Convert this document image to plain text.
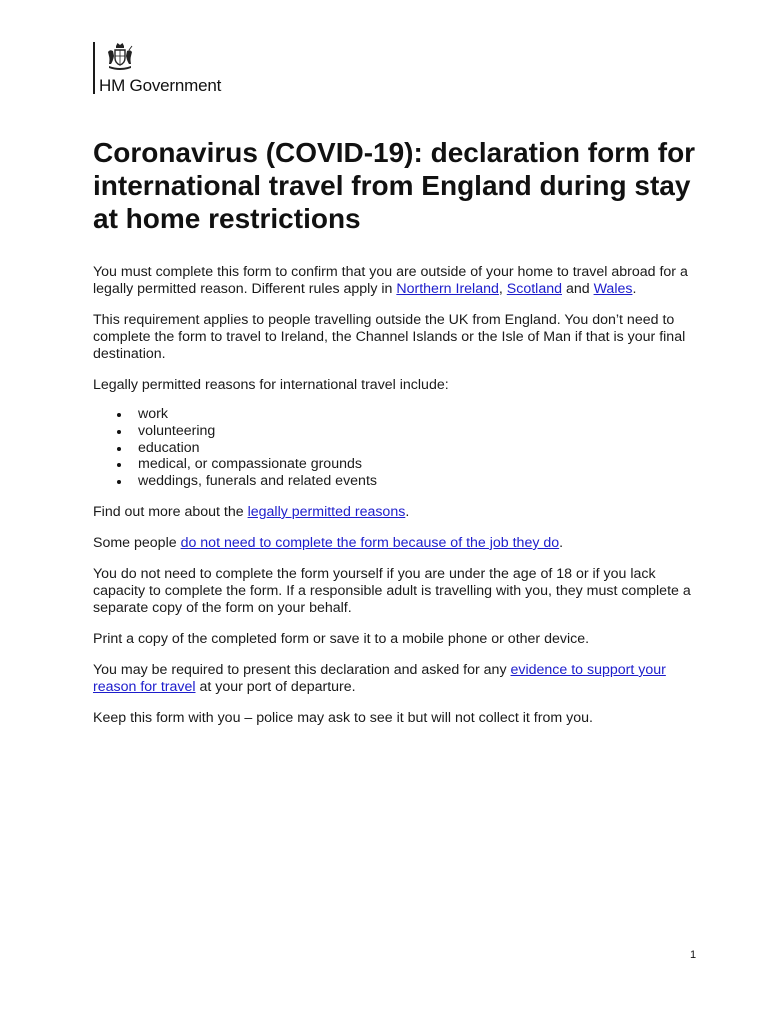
HM Government
Coronavirus (COVID-19): declaration form for international travel from England during stay at home restrictions

You must complete this form to confirm that you are outside of your home to travel abroad for a legally permitted reason. Different rules apply in Northern Ireland, Scotland and Wales.

This requirement applies to people travelling outside the UK from England. You don’t need to complete the form to travel to Ireland, the Channel Islands or the Isle of Man if that is your final destination.

Legally permitted reasons for international travel include:

work
volunteering
education
medical, or compassionate grounds
weddings, funerals and related events

Find out more about the legally permitted reasons.

Some people do not need to complete the form because of the job they do.

You do not need to complete the form yourself if you are under the age of 18 or if you lack capacity to complete the form. If a responsible adult is travelling with you, they must complete a separate copy of the form on your behalf.

Print a copy of the completed form or save it to a mobile phone or other device.

You may be required to present this declaration and asked for any evidence to support your reason for travel at your port of departure.

Keep this form with you – police may ask to see it but will not collect it from you.

1
